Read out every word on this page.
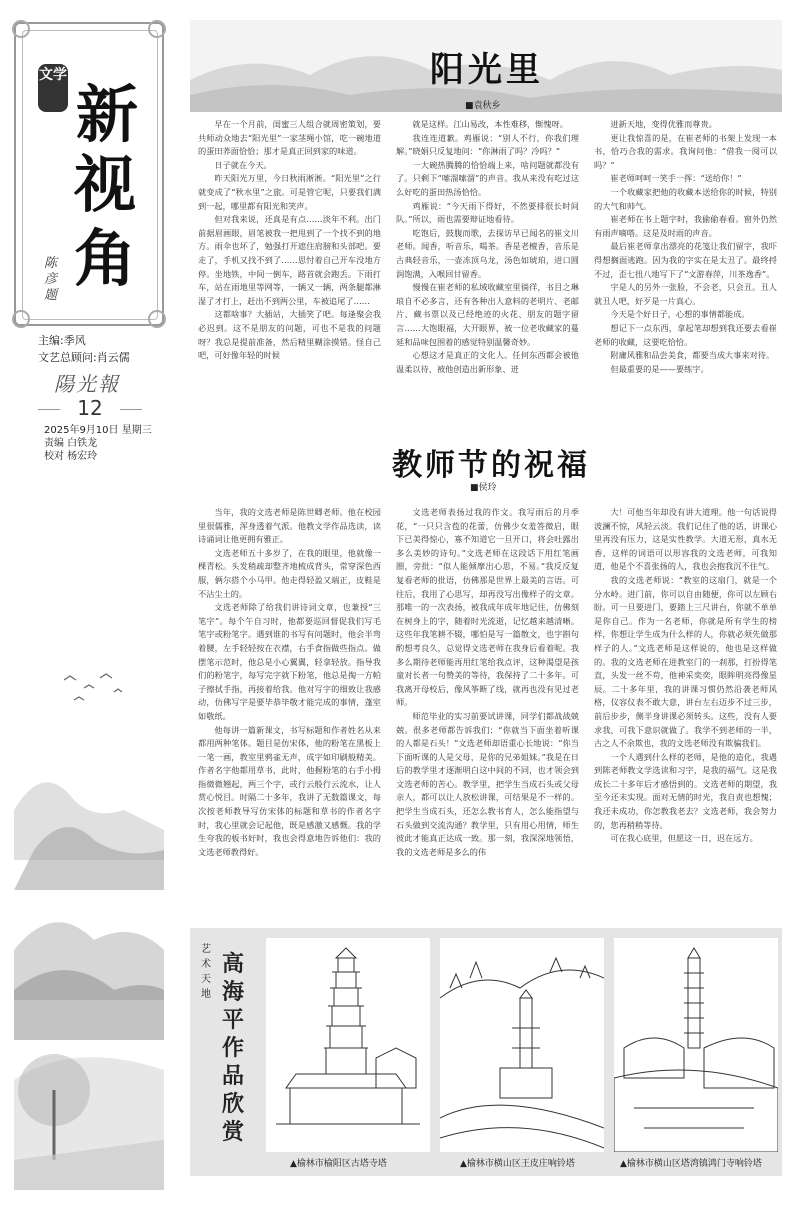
文学
新
视
角
陈彦题
主编:季风
文艺总顾问:肖云儒
陽光報
12
2025年9月10日 星期三
责编 白铁龙
校对 杨宏玲
阳光里
■袁秋乡

早在一个月前，闺蜜三人组合就周密策划，要共师动众地去“阳光里”一家茎绳小馆，吃一碗地道的蛋田荞面恰恰；那才是真正回到家的味道。

日子就在今天。

昨天阳光万里，今日秋雨淅淅。“阳光里”之行就变成了“秋水里”之旅。可是管它呢，只要我们满到一起，哪里都有阳光和笑声。

但对我来说，还真是有点……淡年不利。出门前据眉画眼，眉笔被我一把甩到了一个找不到的地方。雨伞也坏了，勉强打开遮住肩膀和头部吧。要走了，手机又找不到了……思忖着自己开车没地方停。坐地铁，中间一倒车，路首就会跑丢。下雨打车，站在雨地里等网等，一辆又一辆，两条腿都淋湿了才打上，赶出不到两公里，车被追尾了……

这都啥事？大插站，大插笑了吧。每逢聚会我必迟到。这不是朋友的问题，可也不是我的问题呀？我总是提前准备，然后精里糊涂摸错。怪自己吧，可好像年轻的时候

就是这样。江山易改，本性难移，惭愧呀。

我连连道歉。鸡雁说：“别人不行，你我们理解。”晓娟只反复地问：“你淋雨了吗？冷吗？”

一大碗热腾腾的恰恰端上来，啥问题就都没有了。只剩下“嗦溜嗦溜”的声音。我从来没有吃过这么好吃的蛋田热汤恰恰。

鸡雁说：“今天雨下得好，不然要排很长时间队。”所以，雨也需要辩证地看待。

吃饱后，鼓腹而歌，去探访早已闻名的崔文川老师。闻香，听音乐，喝茶。香是老檀香，音乐是古典轻音乐，一壶冻顶乌龙，汤色如琥珀，进口圆润饱满，入喉回甘留香。

慢慢在崔老师的私域收藏室里徜徉，书目之琳琅自不必多言，还有各种出人意料的老明片、老邮片、藏书票以及已经绝迹的火花、朋友的题字留言……大饱眼福，大开眼界，被一位老收藏家的蔓延和品味包围着的感觉特别温馨奇妙。

心想这才是真正的文化人。任何东西都会被他温柔以待，被他创造出新形象、迸

进新天地，变得优雅而尊贵。

更让我惊喜的是，在崔老师的书架上发现一本书，恰巧合我的需求。我询问他：“借我一阅可以吗？”

崔老师呵呵一笑手一挥：“送给你！”

一个收藏家把他的收藏本送给你的时候，特别的大气和帅气。

崔老师在书上题字时，我偷偷春看。窗外仍然有雨声嘀嗒。这是及时雨的声音。

最后崔老师拿出漂亮的花笺让我们留字，我吓得想搁面逃跑。因为我的字实在是太丑了。最终捋不过，歪七扭八地写下了“文游春萍，川茶逸香”。

字是人的另外一张脸，不会老，只会丑。丑人就丑人吧，好歹是一片真心。

今天是个好日子，心想的事情都能成。

想记下一点东西，拿起笔却想到我还要去看崔老师的收藏，这要吃恰恰。

附庸风雅和品尝美食，都要当成大事来对待。

但最重要的是——要练字。

教师节的祝福
■侯玲

当年，我的文选老师是陈世卿老师。他在校园里很儒雅，浑身透着气派。他教文学作品选读，读诗诵词让他更拥有雅正。

文选老师五十多岁了，在我的眼里，他就像一棵青松。头发稍疏却整齐地梳成背头，常穿深色西服，俩尔搭个小马甲。他走得轻盈又端正，皮鞋是不沾尘土的。

文选老师除了给我们讲诗词文章，也兼授“三笔字”。每个午自习时，他都要巡回督促我们写毛笔字或粉笔字。遇到谁的书写有问题时，他会半弯着腰，左手轻轻按在衣襟，右手食指做些指点。做摆笔示范时，他总是小心翼翼，轻拿轻放。指导我们的粉笔字，每写完字就下粉笔，他总是掏一方帕子擦拭手指，再接着给我。他对写字的细致让我感动，仿佛写字是要毕恭毕敬才能完成的事情，蓬室如敬纸。

他每讲一篇新课文，书写标题和作者姓名从来都用两种笔体。题目是仿宋体，他的粉笔在黑板上一笔一画，教室里鸦雀无声，成字如印刷般精美。作者名字他都用草书，此时，他握粉笔的右手小拇指微微翘起，两三个字，或行云般行云流水，让人赏心悦目。时隔二十多年，我讲了无数篇课文，每次按老师教导写仿宋体的标题和草书的作者名字时，我心里就会记起他，既是感激又感慨。我的学生夸我的板书好时，我也会得意地告诉他们：我的文选老师教得好。

文选老师表扬过我的作文。我写雨后的月季花，“一只只含苞的花蕾，仿佛少女羞答微启，眼下已美得惊心，寡不知道它一旦开口，将会吐露出多么美妙的诗句。”文选老师在这段话下用红笔画圈，旁批：“似人能倾摩出心思，不易。”我反反复复看老师的批语，仿佛那是世界上最美的言语。可往后，我用了心思写，却再没写出像样子的文章。那唯一的一次表扬，被我成年成年地记住，仿佛刻在树身上的字，随着时光流逝，记忆越来越清晰。这些年我笔耕不辍，哪怕是写一篇散文，也字斟句酌想考良久，总觉得文选老师在我身后看着呢。我多么期待老师能再用红笔给我点评，这种渴望是孩童对长者一句赞美的等待，我保持了二十多年。可我离开母校后，像风筝断了线，就再也没有见过老师。

师范毕业的实习前要试讲课，同学们都战战兢兢。很多老师都告诉我们：“你就当下面坐着听课的人都是石头！”文选老师却语重心长地说：“你当下面听课的人是父母，是你的兄弟姐妹。”我是在日后的教学里才逐渐明白这中间的不同，也才领会到文选老师的苦心。教学里，把学生当成石头或父母亲人，都可以让人放松讲课，可结果是不一样的。把学生当成石头，还怎么教书育人，怎么能指望与石头做到交流沟通？教学里，只有用心用情，师生彼此才能真正达成一致。那一刻，我深深地领悟，我的文选老师是多么的伟

大！可他当年却没有讲大道理。他一句话说得波澜不惊，风轻云淡。我们记住了他的话，讲课心里再没有压力，这是实性教学。大道无形，真水无香，这样的词语可以形容我的文选老师，可我知道，他是个不喜张扬的人，我也会抱我沉不住气。

我的文选老师说：“教室的这扇门，就是一个分水岭。进门前，你可以自由随便，你可以左顾右盼。可一旦要进门，要踏上三尺讲台，你就不单单是你自己。作为一名老师，你就是所有学生的榜样，你想让学生成为什么样的人，你就必须先做那样子的人。”文选老师是这样说的，他也是这样做的。我的文选老师在进教室门的一刹那，打扮得笔直，头发一丝不苟，他神采奕奕，眼眸明亮得像星辰。二十多年里，我的讲课习惯仍然沿袭老师风格，仪容仪表不敢大意，讲台左右迈步不过三步，前后步步，侧半身讲课必须转头。这些，没有人要求我，可我下意识就做了。我学不到老师的一半，古之人不余欺也，我的文选老师没有欺骗我们。

一个人遇到什么样的老师，是他的造化，我遇到陈老师教文学选读和习字，是我的福气。这是我成长二十多年后才感悟到的。文选老师的期望，我至今还未实现。面对无情的时光，我自责也想愧；我还未成功，你怎教我老去？文选老师，我会努力的，您再稍稍等待。

可在我心底里，但愿这一日，迟在远方。

艺
术
天
地
高海平作品欣赏
▲榆林市榆阳区古塔寺塔	▲榆林市横山区王皮庄响铃塔	▲榆林市横山区塔湾镇鸿门寺响铃塔
